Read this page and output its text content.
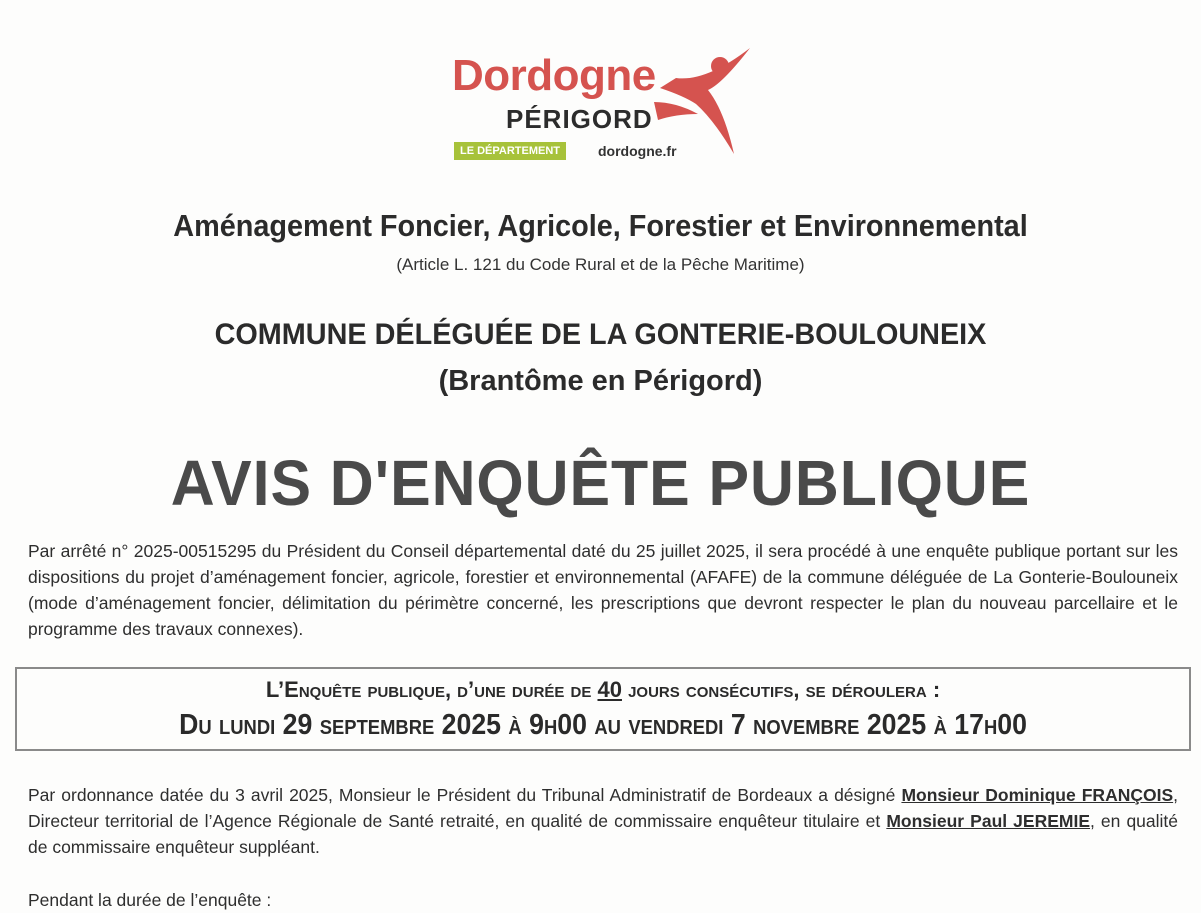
Dordogne
PÉRIGORD
LE DÉPARTEMENT	dordogne.fr
Aménagement Foncier, Agricole, Forestier et Environnemental
(Article L. 121 du Code Rural et de la Pêche Maritime)
COMMUNE DÉLÉGUÉE DE LA GONTERIE-BOULOUNEIX
(Brantôme en Périgord)
AVIS D'ENQUÊTE PUBLIQUE
Par arrêté n° 2025-00515295 du Président du Conseil départemental daté du 25 juillet 2025, il sera procédé à une enquête publique portant sur les dispositions du projet d’aménagement foncier, agricole, forestier et environnemental (AFAFE) de la commune déléguée de La Gonterie-Boulouneix (mode d’aménagement foncier, délimitation du périmètre concerné, les prescriptions que devront respecter le plan du nouveau parcellaire et le programme des travaux connexes).
L’Enquête publique, d’une durée de 40 jours consécutifs, se déroulera :
Du lundi 29 septembre 2025 à 9h00 au vendredi 7 novembre 2025 à 17h00
Par ordonnance datée du 3 avril 2025, Monsieur le Président du Tribunal Administratif de Bordeaux a désigné Monsieur Dominique FRANÇOIS, Directeur territorial de l’Agence Régionale de Santé retraité, en qualité de commissaire enquêteur titulaire et Monsieur Paul JEREMIE, en qualité de commissaire enquêteur suppléant.
Pendant la durée de l’enquête :
